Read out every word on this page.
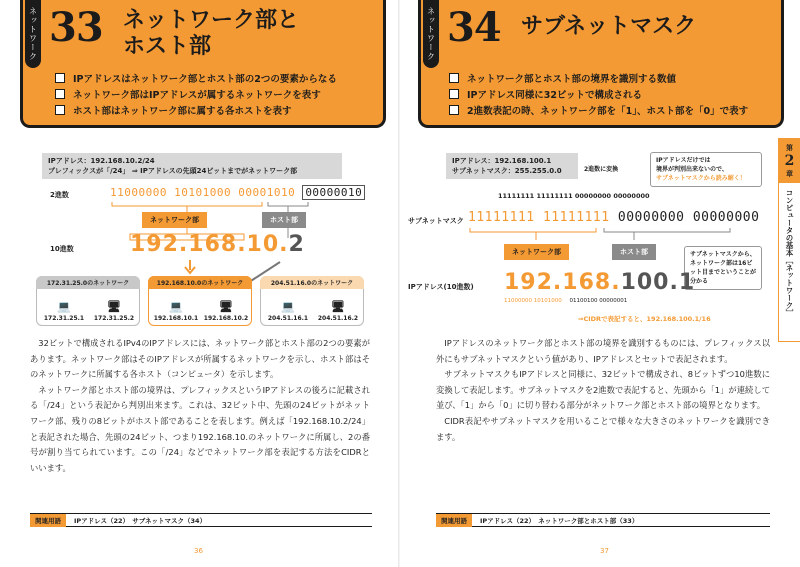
ネットワーク 33 ネットワーク部と
ホスト部
IPアドレスはネットワーク部とホスト部の2つの要素からなる
ネットワーク部はIPアドレスが属するネットワークを表す
ホスト部はネットワーク部に属する各ホストを表す
IPアドレス：192.168.10.2/24
プレフィックスが「/24」 ⇒ IPアドレスの先頭24ビットまでがネットワーク部
2進数	11000000 10101000 00001010 00000010
ネットワーク部	ホスト部
10進数	192.168.10.2
172.31.25.0のネットワーク
💻
172.31.25.1
🖥
172.31.25.2
192.168.10.0のネットワーク
💻
192.168.10.1
🖥
192.168.10.2
204.51.16.0のネットワーク
💻
204.51.16.1
🖥
204.51.16.2

32ビットで構成されるIPv4のIPアドレスには、ネットワーク部とホスト部の2つの要素があります。ネットワーク部はそのIPアドレスが所属するネットワークを示し、ホスト部はそのネットワークに所属する各ホスト（コンピュータ）を示します。

ネットワーク部とホスト部の境界は、プレフィックスというIPアドレスの後ろに記載される「/24」という表記から判別出来ます。これは、32ビット中、先頭の24ビットがネットワーク部、残りの8ビットがホスト部であることを表します。例えば「192.168.10.2/24」と表記された場合、先頭の24ビット、つまり192.168.10.のネットワークに所属し、2の番号が割り当てられています。この「/24」などでネットワーク部を表記する方法をCIDRといいます。

関連用語	IPアドレス（22）　サブネットマスク（34）
36
ネットワーク 34 サブネットマスク
ネットワーク部とホスト部の境界を識別する数値
IPアドレス同様に32ビットで構成される
2進数表記の時、ネットワーク部を「1」、ホスト部を「0」で表す
IPアドレス：192.168.100.1
サブネットマスク：255.255.0.0	2進数に変換
IPアドレスだけでは
境界が判別出来ないので、
サブネットマスクから読み解く！
11111111 11111111 00000000 00000000
サブネットマスク 11111111 11111111 00000000 00000000
ネットワーク部	ホスト部	サブネットマスクから、ネットワーク部は16ビット目までということが分かる
IPアドレス(10進数) 192.168.100.1
11000000 10101000 01100100 00000001
⇒CIDRで表記すると、192.168.100.1/16

IPアドレスのネットワーク部とホスト部の境界を識別するものには、プレフィックス以外にもサブネットマスクという値があり、IPアドレスとセットで表記されます。

サブネットマスクもIPアドレスと同様に、32ビットで構成され、8ビットずつ10進数に変換して表記します。サブネットマスクを2進数で表記すると、先頭から「1」が連続して並び、「1」から「0」に切り替わる部分がネットワーク部とホスト部の境界となります。

CIDR表記やサブネットマスクを用いることで様々な大きさのネットワークを識別できます。

第
2
章
コンピュータの基本［ネットワーク］
関連用語	IPアドレス（22）　ネットワーク部とホスト部（33）
37
